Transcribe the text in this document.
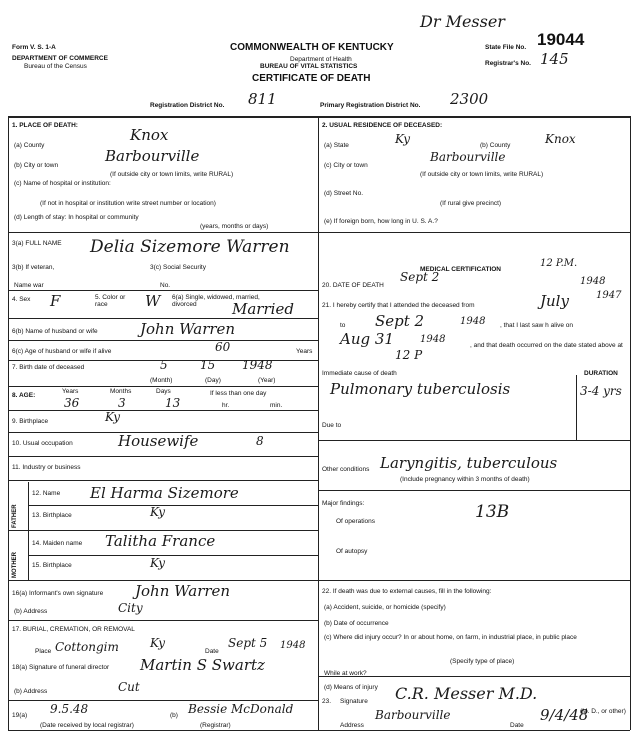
Dr Messer
Form V. S. 1-A
DEPARTMENT OF COMMERCE
Bureau of the Census
COMMONWEALTH OF KENTUCKY
Department of Health
BUREAU OF VITAL STATISTICS
CERTIFICATE OF DEATH
State File No. 19044
Registrar's No. 145
Registration District No. 811	Primary Registration District No. 2300
1. PLACE OF DEATH:
(a) County
Knox
(b) City or town
Barbourville
(If outside city or town limits, write RURAL)
(c) Name of hospital or institution:
(If not in hospital or institution write street number or location)
(d) Length of stay: In hospital or community
(years, months or days)
3(a) FULL NAME Delia Sizemore Warren
3(b) If veteran,	3(c) Social Security
Name war	No.
4. Sex F	5. Color or race	W 6(a) Single, widowed, married, divorced	Married
6(b) Name of husband or wife	John Warren
6(c) Age of husband or wife if alive	60	Years
7. Birth date of deceased	5	15 1948
(Month)	(Day)	(Year)
8. AGE:
Years	Months	Days
36	3	13
If less than one day
hr.	min.
9. Birthplace	Ky
10. Usual occupation	Housewife	8
11. Industry or business
FATHER
MOTHER
12. Name El Harma Sizemore
13. Birthplace	Ky
14. Maiden name Talitha France
15. Birthplace	Ky
16(a) Informant's own signature John Warren
(b) Address	City
17. BURIAL, CREMATION, OR REMOVAL
Place Cottongim	Ky
Date
Sept 5 1948
18(a) Signature of funeral director Martin S Swartz
(b) Address	Cut
19(a) 9.5.48	(b) Bessie McDonald
(Date received by local registrar)	(Registrar)
2. USUAL RESIDENCE OF DECEASED:
(a) State	Ky	(b) County	Knox
(c) City or town
Barbourville
(If outside city or town limits, write RURAL)
(d) Street No.
(If rural give precinct)
(e) If foreign born, how long in U. S. A.?
MEDICAL CERTIFICATION
12 P.M.
20. DATE OF DEATH
Sept 2	1948
21. I hereby certify that I attended the deceased from	July	1947
to Sept 2	1948 , that I last saw h alive on
Aug 31	1948
, and that death occurred on the date stated above at
12 P
Immediate cause of death	DURATION
Pulmonary tuberculosis	3-4 yrs
Due to
Other conditions Laryngitis, tuberculous
(Include pregnancy within 3 months of death)
Major findings:
Of operations	13B
Of autopsy
22. If death was due to external causes, fill in the following:
(a) Accident, suicide, or homicide (specify)
(b) Date of occurrence
(c) Where did injury occur? In or about home, on farm, in industrial place, in public place
(Specify type of place)
While at work?
(d) Means of injury
23. Signature C.R. Messer M.D.
(M. D., or other)
Address
Barbourville
Date
9/4/48
